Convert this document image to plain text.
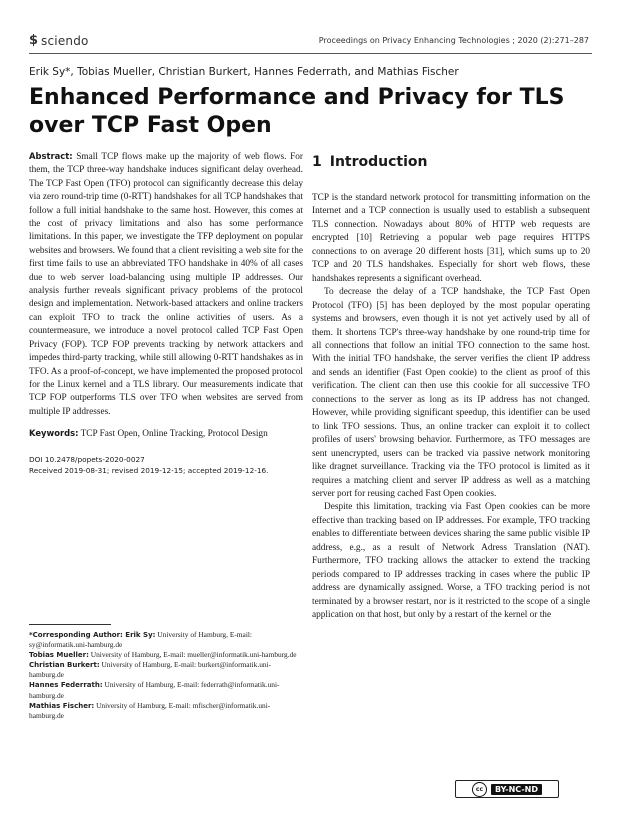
$ sciendo	Proceedings on Privacy Enhancing Technologies ; 2020 (2):271–287
Erik Sy*, Tobias Mueller, Christian Burkert, Hannes Federrath, and Mathias Fischer
Enhanced Performance and Privacy for TLS over TCP Fast Open

Abstract: Small TCP flows make up the majority of web flows. For them, the TCP three-way handshake induces significant delay overhead. The TCP Fast Open (TFO) protocol can significantly decrease this delay via zero round-trip time (0-RTT) handshakes for all TCP handshakes that follow a full initial handshake to the same host. However, this comes at the cost of privacy limitations and also has some performance limitations. In this paper, we investigate the TFP deployment on popular websites and browsers. We found that a client revisiting a web site for the first time fails to use an abbreviated TFO handshake in 40% of all cases due to web server load-balancing using multiple IP addresses. Our analysis further reveals significant privacy problems of the protocol design and implementation. Network-based attackers and online trackers can exploit TFO to track the online activities of users. As a countermeasure, we introduce a novel protocol called TCP Fast Open Privacy (FOP). TCP FOP prevents tracking by network attackers and impedes third-party tracking, while still allowing 0-RTT handshakes as in TFO. As a proof-of-concept, we have implemented the proposed protocol for the Linux kernel and a TLS library. Our measurements indicate that TCP FOP outperforms TLS over TFO when websites are served from multiple IP addresses.

Keywords: TCP Fast Open, Online Tracking, Protocol Design

DOI 10.2478/popets-2020-0027
Received 2019-08-31; revised 2019-12-15; accepted 2019-12-16.

*Corresponding Author: Erik Sy: University of Hamburg, E-mail: sy@informatik.uni-hamburg.de

Tobias Mueller: University of Hamburg, E-mail: mueller@informatik.uni-hamburg.de

Christian Burkert: University of Hamburg, E-mail: burkert@informatik.uni-hamburg.de

Hannes Federrath: University of Hamburg, E-mail: federrath@informatik.uni-hamburg.de

Mathias Fischer: University of Hamburg, E-mail: mfischer@informatik.uni-hamburg.de

1 Introduction

TCP is the standard network protocol for transmitting information on the Internet and a TCP connection is usually used to establish a subsequent TLS connection. Nowadays about 80% of HTTP web requests are encrypted [10] Retrieving a popular web page requires HTTPS connections to on average 20 different hosts [31], which sums up to 20 TCP and 20 TLS handshakes. Especially for short web flows, these handshakes represents a significant overhead.

To decrease the delay of a TCP handshake, the TCP Fast Open Protocol (TFO) [5] has been deployed by the most popular operating systems and browsers, even though it is not yet actively used by all of them. It shortens TCP's three-way handshake by one round-trip time for all connections that follow an initial TFO connection to the same host. With the initial TFO handshake, the server verifies the client IP address and sends an identifier (Fast Open cookie) to the client as proof of this verification. The client can then use this cookie for all successive TFO connections to the server as long as its IP address has not changed. However, while providing significant speedup, this identifier can be used to link TFO sessions. Thus, an online tracker can exploit it to collect profiles of users' browsing behavior. Furthermore, as TFO messages are sent unencrypted, users can be tracked via passive network monitoring like dragnet surveillance. Tracking via the TFO protocol is limited as it requires a matching client and server IP address as well as a matching server port for reusing cached Fast Open cookies.

Despite this limitation, tracking via Fast Open cookies can be more effective than tracking based on IP addresses. For example, TFO tracking enables to differentiate between devices sharing the same public visible IP address, e.g., as a result of Network Adress Translation (NAT). Furthermore, TFO tracking allows the attacker to extend the tracking periods compared to IP addresses tracking in cases where the public IP address are dynamically assigned. Worse, a TFO tracking period is not terminated by a browser restart, nor is it restricted to the scope of a single application on that host, but only by a restart of the kernel or the

cc	BY-NC-ND
